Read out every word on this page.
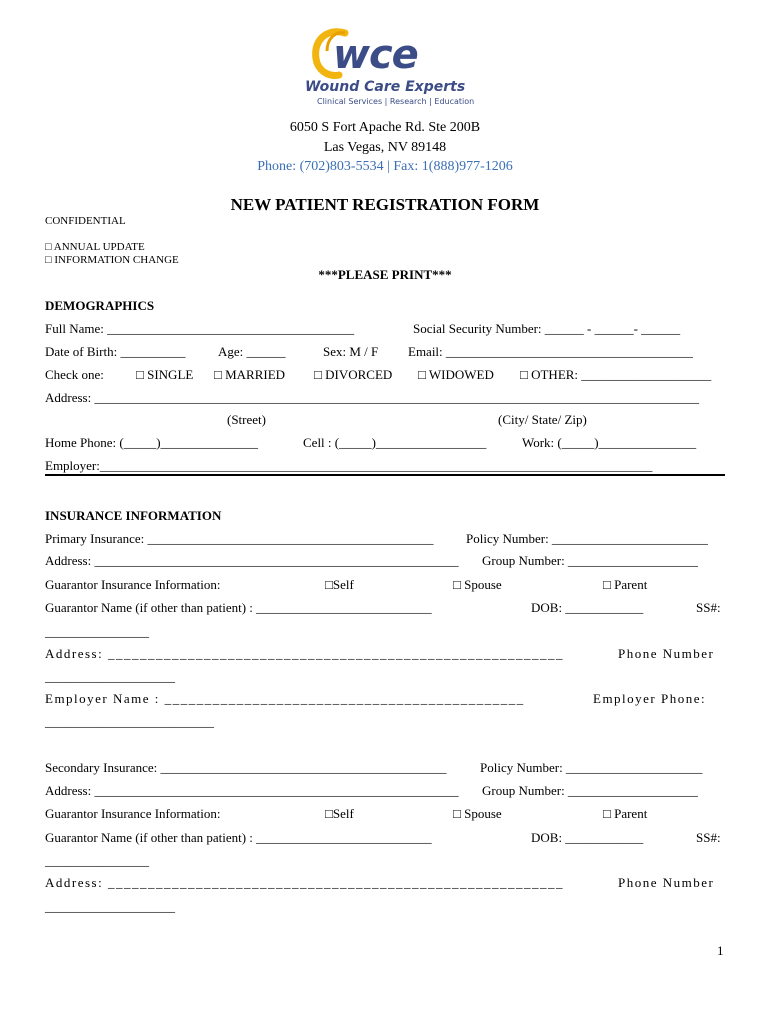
wce
Wound Care Experts
Clinical Services | Research | Education
6050 S Fort Apache Rd. Ste 200B
Las Vegas, NV 89148
Phone: (702)803-5534 | Fax: 1(888)977-1206
NEW PATIENT REGISTRATION FORM
CONFIDENTIAL
□ ANNUAL UPDATE
□ INFORMATION CHANGE
***PLEASE PRINT***
DEMOGRAPHICS
Full Name: ______________________________________	Social Security Number: ______ - ______- ______
Date of Birth: __________	Age: ______	Sex: M / F Email: ______________________________________
Check one: □ SINGLE □ MARRIED □ DIVORCED □ WIDOWED □ OTHER: ____________________
Address: _____________________________________________________________________________________________
(Street)	(City/ State/ Zip)
Home Phone: (_____)_______________	Cell : (_____)_________________	Work: (_____)_______________
Employer:_____________________________________________________________________________________
INSURANCE INFORMATION
Primary Insurance: ____________________________________________	Policy Number: ________________________
Address: ________________________________________________________	Group Number: ____________________
Guarantor Insurance Information:	□Self	□ Spouse	□ Parent
Guarantor Name (if other than patient) : ___________________________	DOB: ____________	SS#:
________________
Address: _________________________________________________________	Phone Number
____________________
Employer Name : _____________________________________________	Employer Phone:
__________________________
Secondary Insurance: ____________________________________________	Policy Number: _____________________
Address: ________________________________________________________	Group Number: ____________________
Guarantor Insurance Information:	□Self	□ Spouse	□ Parent
Guarantor Name (if other than patient) : ___________________________	DOB: ____________	SS#:
________________
Address: _________________________________________________________	Phone Number
____________________
1
